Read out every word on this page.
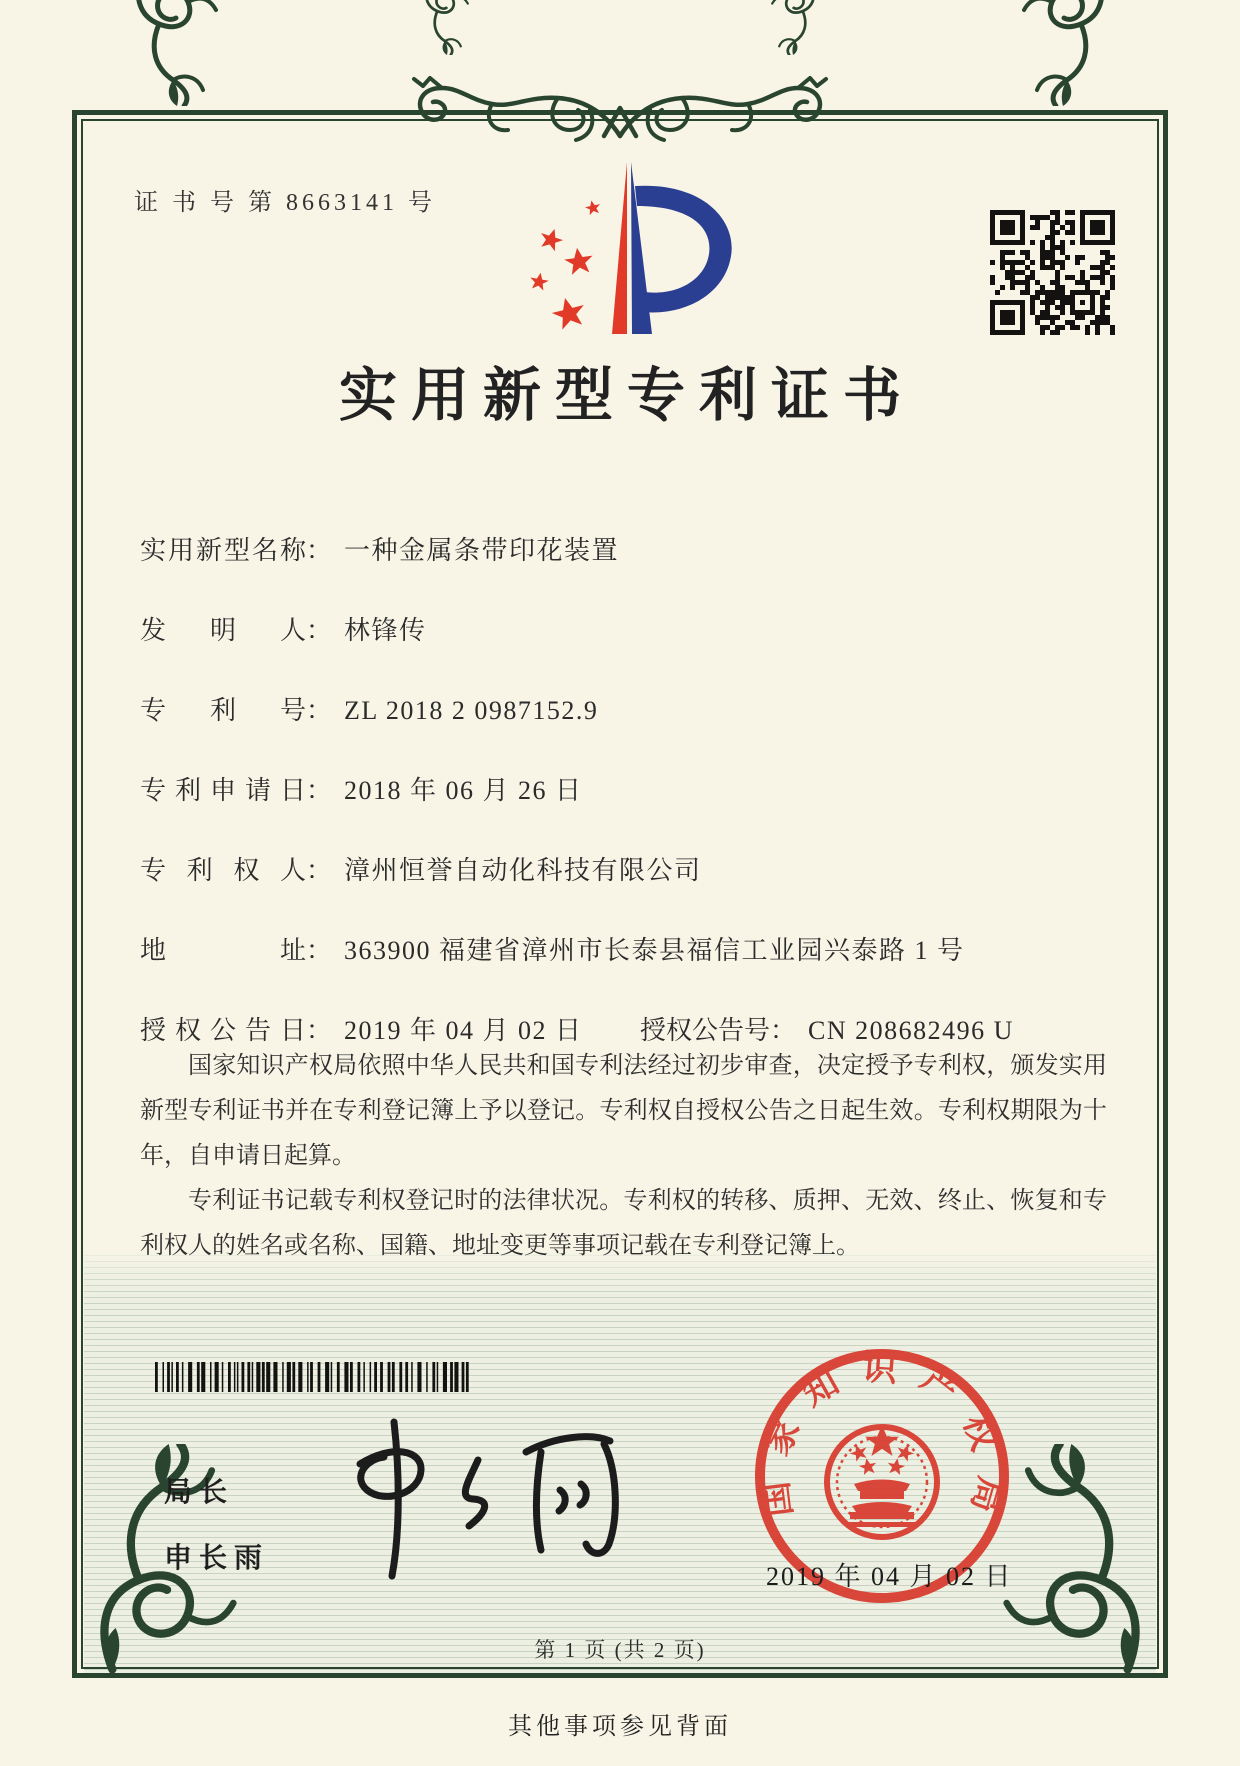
证 书 号 第 8663141 号
实用新型专利证书
实用新型名称 ： 一种金属条带印花装置
发明人 ： 林锋传
专利号 ： ZL 2018 2 0987152.9
专利申请日 ： 2018 年 06 月 26 日
专利权人 ： 漳州恒誉自动化科技有限公司
地址 ： 363900 福建省漳州市长泰县福信工业园兴泰路 1 号
授权公告日 ： 2019 年 04 月 02 日 授权公告号 ： CN 208682496 U

国家知识产权局依照中华人民共和国专利法经过初步审查，决定授予专利权，颁发实用新型专利证书并在专利登记簿上予以登记。专利权自授权公告之日起生效。专利权期限为十年，自申请日起算。

专利证书记载专利权登记时的法律状况。专利权的转移、质押、无效、终止、恢复和专利权人的姓名或名称、国籍、地址变更等事项记载在专利登记簿上。

局长
申长雨
国家知识产权局
2019 年 04 月 02 日
第 1 页 (共 2 页)
其他事项参见背面
